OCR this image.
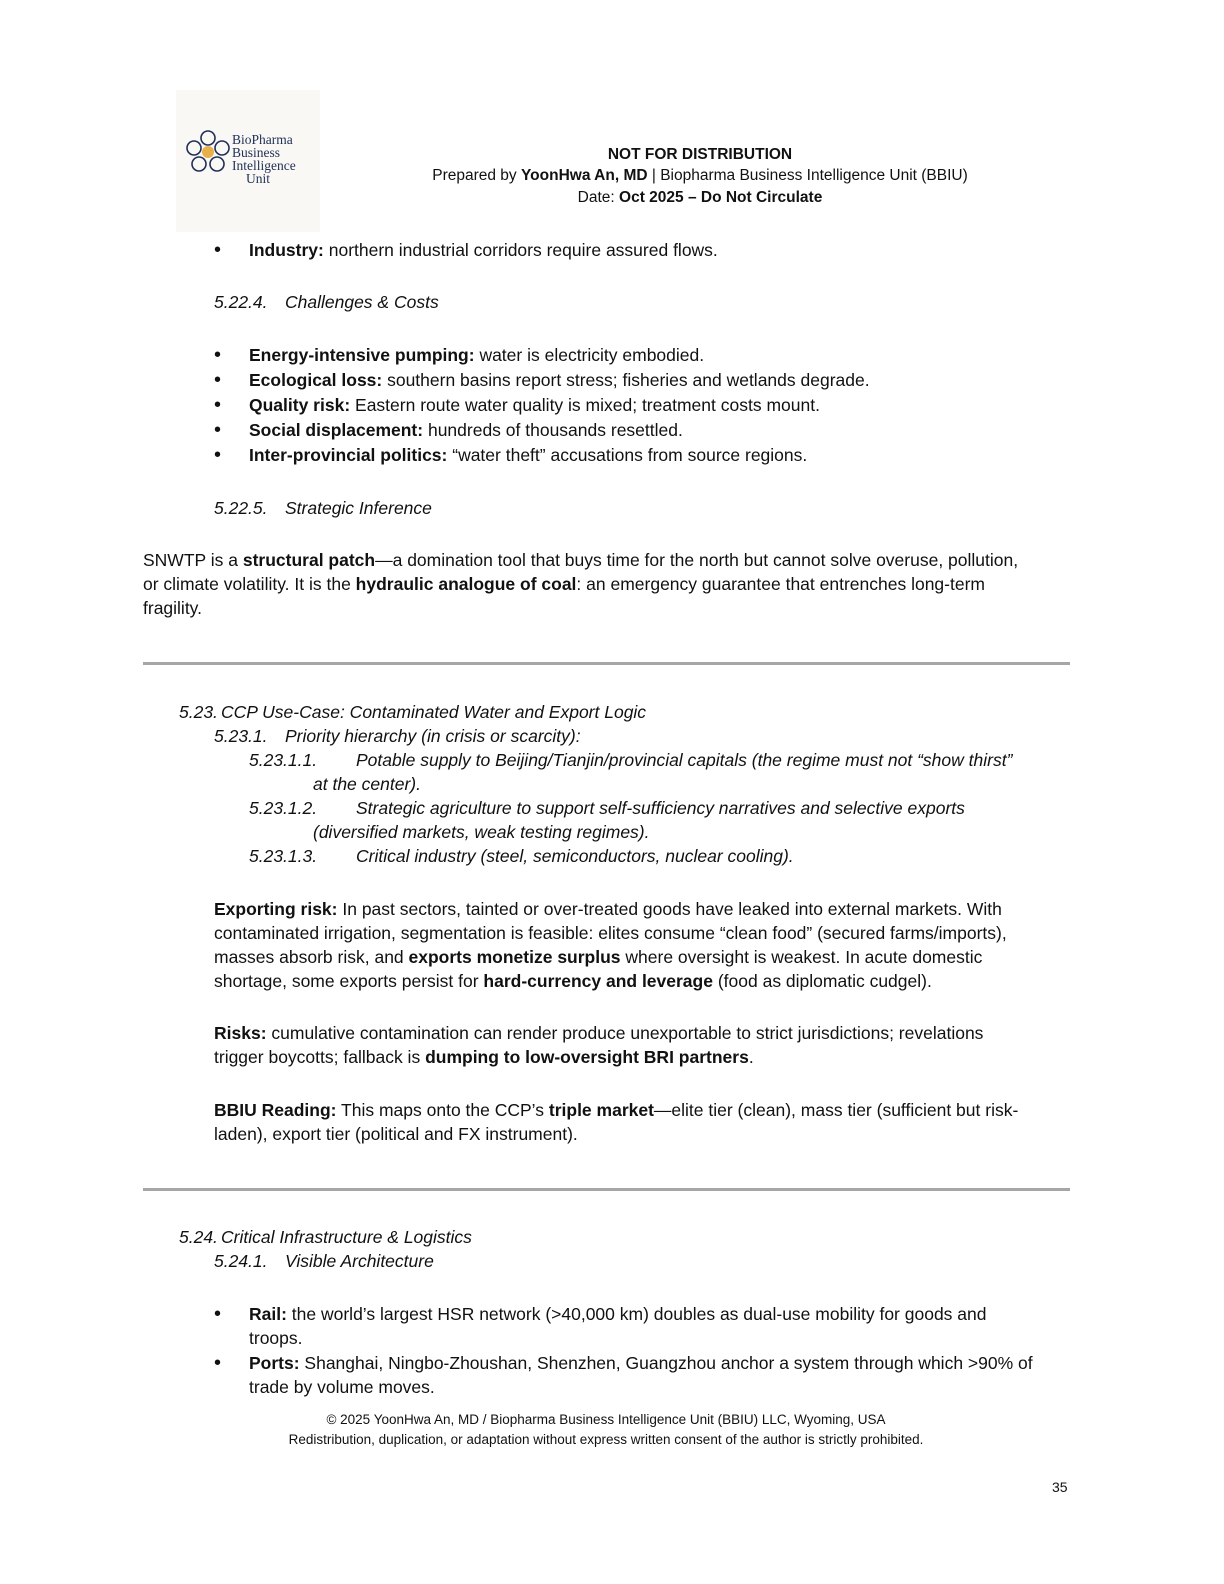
BioPharma
Business
Intelligence
Unit
NOT FOR DISTRIBUTION
Prepared by YoonHwa An, MD | Biopharma Business Intelligence Unit (BBIU)
Date: Oct 2025 – Do Not Circulate
• Industry: northern industrial corridors require assured flows.
5.22.4. Challenges & Costs
• Energy-intensive pumping: water is electricity embodied.
• Ecological loss: southern basins report stress; fisheries and wetlands degrade.
• Quality risk: Eastern route water quality is mixed; treatment costs mount.
• Social displacement: hundreds of thousands resettled.
• Inter-provincial politics: “water theft” accusations from source regions.
5.22.5. Strategic Inference
SNWTP is a structural patch—a domination tool that buys time for the north but cannot solve overuse, pollution,
or climate volatility. It is the hydraulic analogue of coal: an emergency guarantee that entrenches long-term
fragility.
5.23. CCP Use-Case: Contaminated Water and Export Logic
5.23.1. Priority hierarchy (in crisis or scarcity):
5.23.1.1. Potable supply to Beijing/Tianjin/provincial capitals (the regime must not “show thirst”
at the center).
5.23.1.2. Strategic agriculture to support self-sufficiency narratives and selective exports
(diversified markets, weak testing regimes).
5.23.1.3. Critical industry (steel, semiconductors, nuclear cooling).
Exporting risk: In past sectors, tainted or over-treated goods have leaked into external markets. With
contaminated irrigation, segmentation is feasible: elites consume “clean food” (secured farms/imports),
masses absorb risk, and exports monetize surplus where oversight is weakest. In acute domestic
shortage, some exports persist for hard-currency and leverage (food as diplomatic cudgel).
Risks: cumulative contamination can render produce unexportable to strict jurisdictions; revelations
trigger boycotts; fallback is dumping to low-oversight BRI partners.
BBIU Reading: This maps onto the CCP’s triple market—elite tier (clean), mass tier (sufficient but risk-
laden), export tier (political and FX instrument).
5.24. Critical Infrastructure & Logistics
5.24.1. Visible Architecture
• Rail: the world’s largest HSR network (>40,000 km) doubles as dual-use mobility for goods and
troops.
• Ports: Shanghai, Ningbo-Zhoushan, Shenzhen, Guangzhou anchor a system through which >90% of
trade by volume moves.
© 2025 YoonHwa An, MD / Biopharma Business Intelligence Unit (BBIU) LLC, Wyoming, USA
Redistribution, duplication, or adaptation without express written consent of the author is strictly prohibited.
35
